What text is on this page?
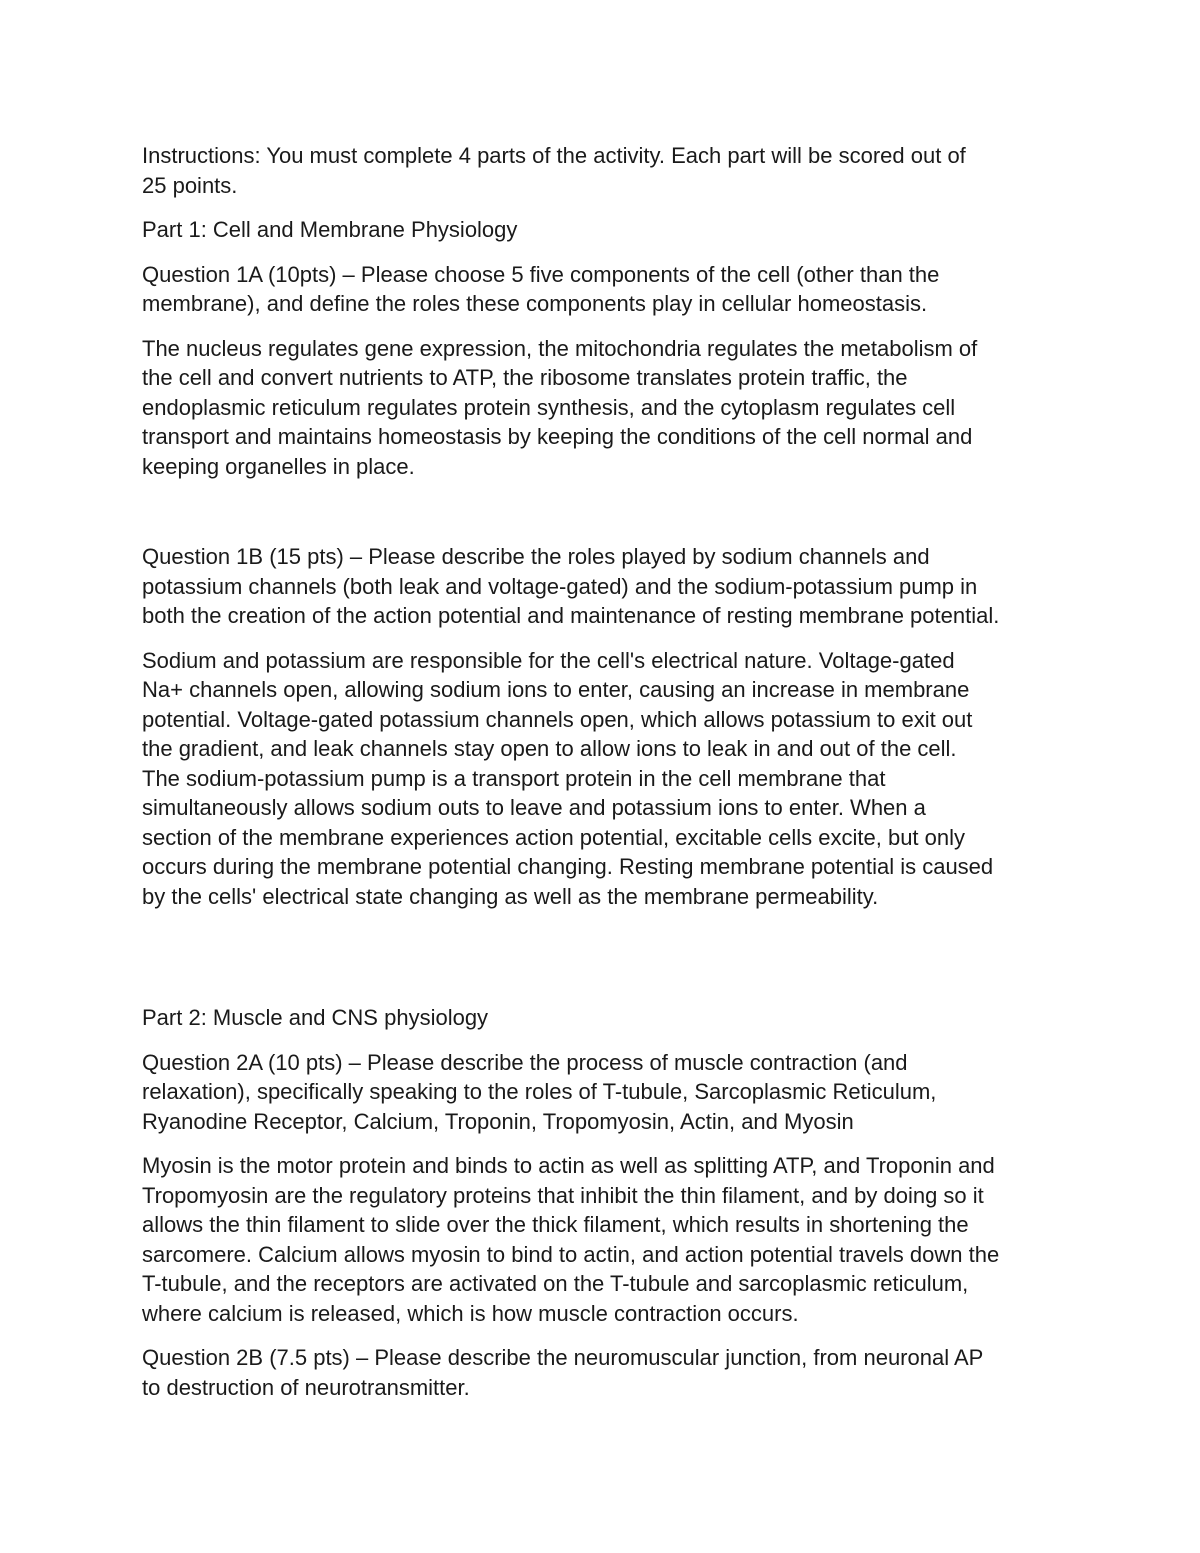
Instructions: You must complete 4 parts of the activity. Each part will be scored out of
25 points.

Part 1: Cell and Membrane Physiology

Question 1A (10pts) – Please choose 5 five components of the cell (other than the
membrane), and define the roles these components play in cellular homeostasis.

The nucleus regulates gene expression, the mitochondria regulates the metabolism of
the cell and convert nutrients to ATP, the ribosome translates protein traffic, the
endoplasmic reticulum regulates protein synthesis, and the cytoplasm regulates cell
transport and maintains homeostasis by keeping the conditions of the cell normal and
keeping organelles in place.

Question 1B (15 pts) – Please describe the roles played by sodium channels and
potassium channels (both leak and voltage-gated) and the sodium-potassium pump in
both the creation of the action potential and maintenance of resting membrane potential.

Sodium and potassium are responsible for the cell's electrical nature. Voltage-gated
Na+ channels open, allowing sodium ions to enter, causing an increase in membrane
potential. Voltage-gated potassium channels open, which allows potassium to exit out
the gradient, and leak channels stay open to allow ions to leak in and out of the cell.
The sodium-potassium pump is a transport protein in the cell membrane that
simultaneously allows sodium outs to leave and potassium ions to enter. When a
section of the membrane experiences action potential, excitable cells excite, but only
occurs during the membrane potential changing. Resting membrane potential is caused
by the cells' electrical state changing as well as the membrane permeability.

Part 2: Muscle and CNS physiology

Question 2A (10 pts) – Please describe the process of muscle contraction (and
relaxation), specifically speaking to the roles of T-tubule, Sarcoplasmic Reticulum,
Ryanodine Receptor, Calcium, Troponin, Tropomyosin, Actin, and Myosin

Myosin is the motor protein and binds to actin as well as splitting ATP, and Troponin and
Tropomyosin are the regulatory proteins that inhibit the thin filament, and by doing so it
allows the thin filament to slide over the thick filament, which results in shortening the
sarcomere. Calcium allows myosin to bind to actin, and action potential travels down the
T-tubule, and the receptors are activated on the T-tubule and sarcoplasmic reticulum,
where calcium is released, which is how muscle contraction occurs.

Question 2B (7.5 pts) – Please describe the neuromuscular junction, from neuronal AP
to destruction of neurotransmitter.
